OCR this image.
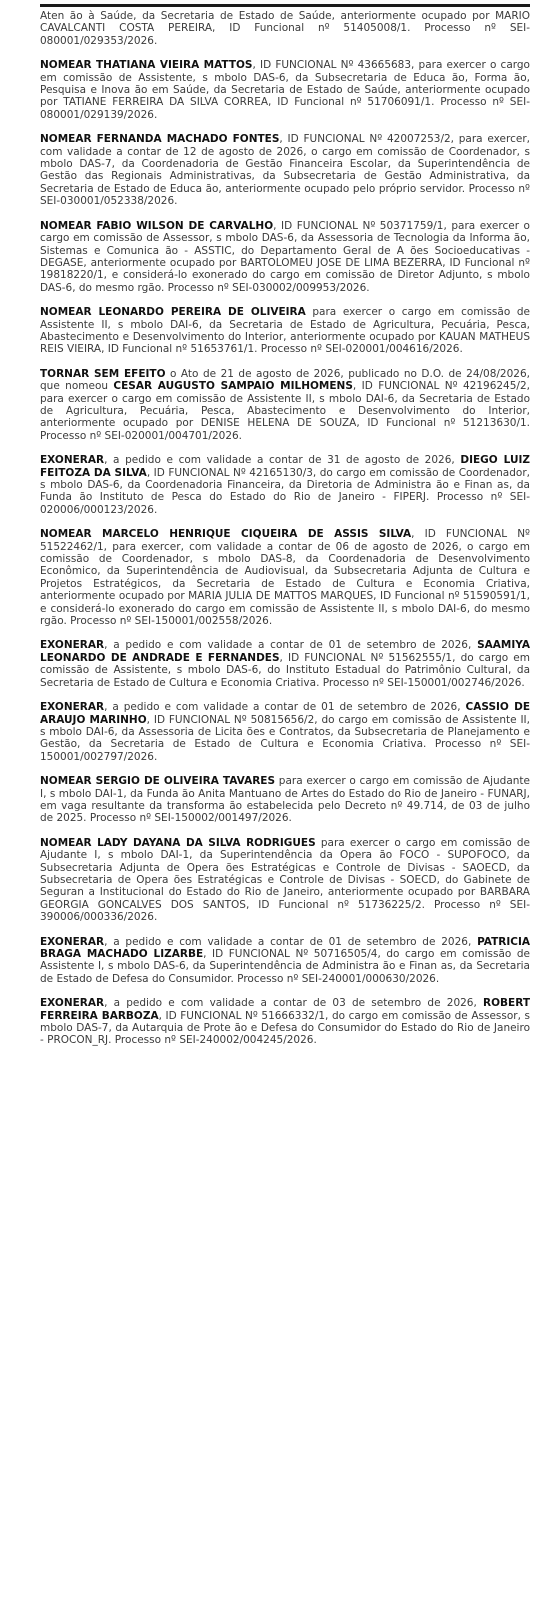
Aten ão à Saúde, da Secretaria de Estado de Saúde, anteriormente ocupado por MARIO CAVALCANTI COSTA PEREIRA, ID Funcional nº 51405008/1. Processo nº SEI-080001/029353/2026.

NOMEAR THATIANA VIEIRA MATTOS, ID FUNCIONAL Nº 43665683, para exercer o cargo em comissão de Assistente, s mbolo DAS-6, da Subsecretaria de Educa ão, Forma ão, Pesquisa e Inova ão em Saúde, da Secretaria de Estado de Saúde, anteriormente ocupado por TATIANE FERREIRA DA SILVA CORREA, ID Funcional nº 51706091/1. Processo nº SEI-080001/029139/2026.

NOMEAR FERNANDA MACHADO FONTES, ID FUNCIONAL Nº 42007253/2, para exercer, com validade a contar de 12 de agosto de 2026, o cargo em comissão de Coordenador, s mbolo DAS-7, da Coordenadoria de Gestão Financeira Escolar, da Superintendência de Gestão das Regionais Administrativas, da Subsecretaria de Gestão Administrativa, da Secretaria de Estado de Educa ão, anteriormente ocupado pelo próprio servidor. Processo nº SEI-030001/052338/2026.

NOMEAR FABIO WILSON DE CARVALHO, ID FUNCIONAL Nº 50371759/1, para exercer o cargo em comissão de Assessor, s mbolo DAS-6, da Assessoria de Tecnologia da Informa ão, Sistemas e Comunica ão - ASSTIC, do Departamento Geral de A ões Socioeducativas - DEGASE, anteriormente ocupado por BARTOLOMEU JOSE DE LIMA BEZERRA, ID Funcional nº 19818220/1, e considerá-lo exonerado do cargo em comissão de Diretor Adjunto, s mbolo DAS-6, do mesmo rgão. Processo nº SEI-030002/009953/2026.

NOMEAR LEONARDO PEREIRA DE OLIVEIRA para exercer o cargo em comissão de Assistente II, s mbolo DAI-6, da Secretaria de Estado de Agricultura, Pecuária, Pesca, Abastecimento e Desenvolvimento do Interior, anteriormente ocupado por KAUAN MATHEUS REIS VIEIRA, ID Funcional nº 51653761/1. Processo nº SEI-020001/004616/2026.

TORNAR SEM EFEITO o Ato de 21 de agosto de 2026, publicado no D.O. de 24/08/2026, que nomeou CESAR AUGUSTO SAMPAIO MILHOMENS, ID FUNCIONAL Nº 42196245/2, para exercer o cargo em comissão de Assistente II, s mbolo DAI-6, da Secretaria de Estado de Agricultura, Pecuária, Pesca, Abastecimento e Desenvolvimento do Interior, anteriormente ocupado por DENISE HELENA DE SOUZA, ID Funcional nº 51213630/1. Processo nº SEI-020001/004701/2026.

EXONERAR, a pedido e com validade a contar de 31 de agosto de 2026, DIEGO LUIZ FEITOZA DA SILVA, ID FUNCIONAL Nº 42165130/3, do cargo em comissão de Coordenador, s mbolo DAS-6, da Coordenadoria Financeira, da Diretoria de Administra ão e Finan as, da Funda ão Instituto de Pesca do Estado do Rio de Janeiro - FIPERJ. Processo nº SEI-020006/000123/2026.

NOMEAR MARCELO HENRIQUE CIQUEIRA DE ASSIS SILVA, ID FUNCIONAL Nº 51522462/1, para exercer, com validade a contar de 06 de agosto de 2026, o cargo em comissão de Coordenador, s mbolo DAS-8, da Coordenadoria de Desenvolvimento Econômico, da Superintendência de Audiovisual, da Subsecretaria Adjunta de Cultura e Projetos Estratégicos, da Secretaria de Estado de Cultura e Economia Criativa, anteriormente ocupado por MARIA JULIA DE MATTOS MARQUES, ID Funcional nº 51590591/1, e considerá-lo exonerado do cargo em comissão de Assistente II, s mbolo DAI-6, do mesmo rgão. Processo nº SEI-150001/002558/2026.

EXONERAR, a pedido e com validade a contar de 01 de setembro de 2026, SAAMIYA LEONARDO DE ANDRADE E FERNANDES, ID FUNCIONAL Nº 51562555/1, do cargo em comissão de Assistente, s mbolo DAS-6, do Instituto Estadual do Patrimônio Cultural, da Secretaria de Estado de Cultura e Economia Criativa. Processo nº SEI-150001/002746/2026.

EXONERAR, a pedido e com validade a contar de 01 de setembro de 2026, CASSIO DE ARAUJO MARINHO, ID FUNCIONAL Nº 50815656/2, do cargo em comissão de Assistente II, s mbolo DAI-6, da Assessoria de Licita ões e Contratos, da Subsecretaria de Planejamento e Gestão, da Secretaria de Estado de Cultura e Economia Criativa. Processo nº SEI-150001/002797/2026.

NOMEAR SERGIO DE OLIVEIRA TAVARES para exercer o cargo em comissão de Ajudante I, s mbolo DAI-1, da Funda ão Anita Mantuano de Artes do Estado do Rio de Janeiro - FUNARJ, em vaga resultante da transforma ão estabelecida pelo Decreto nº 49.714, de 03 de julho de 2025. Processo nº SEI-150002/001497/2026.

NOMEAR LADY DAYANA DA SILVA RODRIGUES para exercer o cargo em comissão de Ajudante I, s mbolo DAI-1, da Superintendência da Opera ão FOCO - SUPOFOCO, da Subsecretaria Adjunta de Opera ões Estratégicas e Controle de Divisas - SAOECD, da Subsecretaria de Opera ões Estratégicas e Controle de Divisas - SOECD, do Gabinete de Seguran a Institucional do Estado do Rio de Janeiro, anteriormente ocupado por BARBARA GEORGIA GONCALVES DOS SANTOS, ID Funcional nº 51736225/2. Processo nº SEI-390006/000336/2026.

EXONERAR, a pedido e com validade a contar de 01 de setembro de 2026, PATRICIA BRAGA MACHADO LIZARBE, ID FUNCIONAL Nº 50716505/4, do cargo em comissão de Assistente I, s mbolo DAS-6, da Superintendência de Administra ão e Finan as, da Secretaria de Estado de Defesa do Consumidor. Processo nº SEI-240001/000630/2026.

EXONERAR, a pedido e com validade a contar de 03 de setembro de 2026, ROBERT FERREIRA BARBOZA, ID FUNCIONAL Nº 51666332/1, do cargo em comissão de Assessor, s mbolo DAS-7, da Autarquia de Prote ão e Defesa do Consumidor do Estado do Rio de Janeiro - PROCON_RJ. Processo nº SEI-240002/004245/2026.
